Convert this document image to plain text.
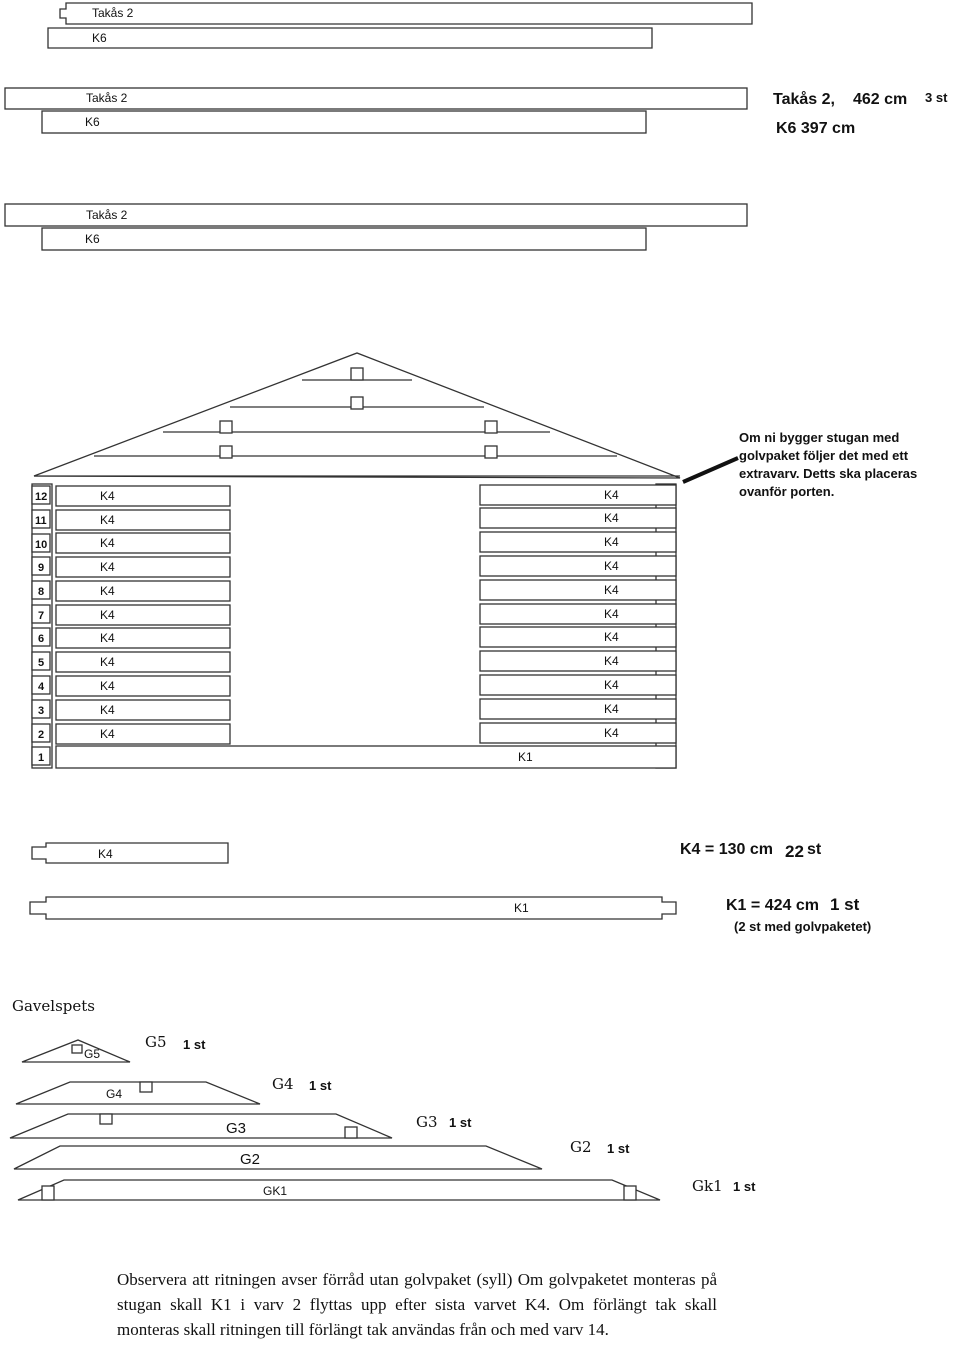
Takås 2
K6
Takås 2
K6
Takås 2
K6
Takås 2, 462 cm 3 st
K6 397 cm
12
11
10
9
8
7
6
5
4
3
2
1
K4
K4
K4
K4
K4
K4
K4
K4
K4
K4
K4
K4
K4
K4
K4
K4
K4
K4
K4
K4
K4
K4
K1
Om ni bygger stugan med
golvpaket följer det med ett
extravarv. Detts ska placeras
ovanför porten.
K4	K4 = 130 cm 22 st
K1	K1 = 424 cm 1 st
(2 st med golvpaketet)
Gavelspets
G5
G5 1 st
G4
G4 1 st
G3	G3 1 st
G2
G2 1 st
GK1	Gk1 1 st

Observera att ritningen avser förråd utan golvpaket (syll) Om golvpaketet monteras på stugan skall K1 i varv 2 flyttas upp efter sista varvet K4. Om förlängt tak skall monteras skall ritningen till förlängt tak användas från och med varv 14.
